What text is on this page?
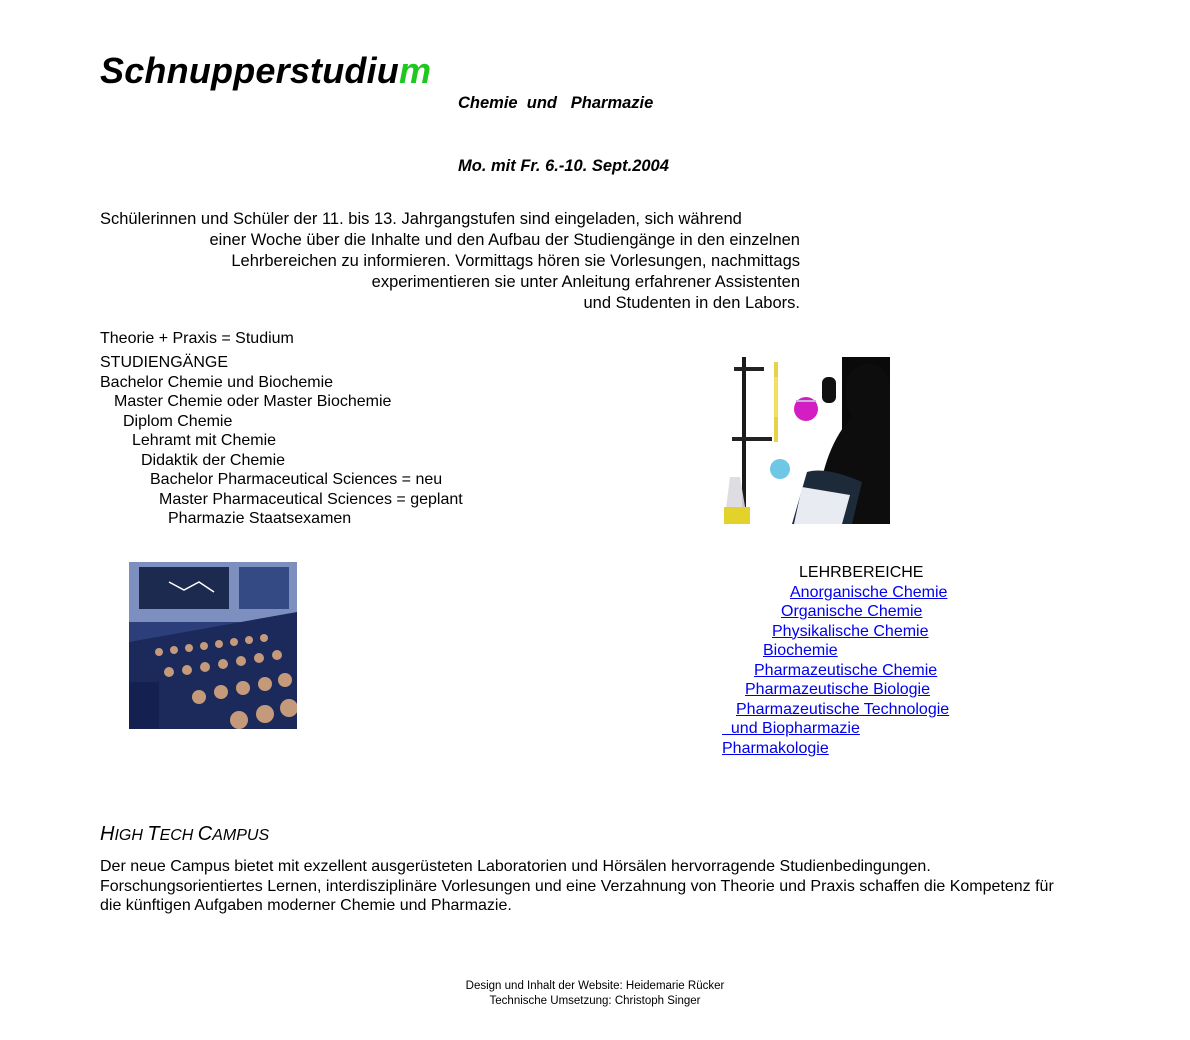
Schnupperstudium

Chemie  und   Pharmazie

Mo. mit Fr. 6.-10. Sept.2004

Schülerinnen und Schüler der 11. bis 13. Jahrgangstufen sind eingeladen, sich während
einer Woche über die Inhalte und den Aufbau der Studiengänge in den einzelnen
Lehrbereichen zu informieren. Vormittags hören sie Vorlesungen, nachmittags
experimentieren sie unter Anleitung erfahrener Assistenten
und Studenten in den Labors.
Theorie + Praxis = Studium
STUDIENGÄNGE
Bachelor Chemie und Biochemie
Master Chemie oder Master Biochemie
Diplom Chemie
Lehramt mit Chemie
Didaktik der Chemie
Bachelor Pharmaceutical Sciences = neu
Master Pharmaceutical Sciences = geplant
Pharmazie Staatsexamen
LEHRBEREICHE
Anorganische Chemie
Organische Chemie
Physikalische Chemie
Biochemie
Pharmazeutische Chemie
Pharmazeutische Biologie
Pharmazeutische Technologie
und Biopharmazie
Pharmakologie
HIGH TECH CAMPUS
Der neue Campus bietet mit exzellent ausgerüsteten Laboratorien und Hörsälen hervorragende Studienbedingungen.
Forschungsorientiertes Lernen, interdisziplinäre Vorlesungen und eine Verzahnung von Theorie und Praxis schaffen die Kompetenz für
die künftigen Aufgaben moderner Chemie und Pharmazie.
Design und Inhalt der Website: Heidemarie Rücker
Technische Umsetzung: Christoph Singer
